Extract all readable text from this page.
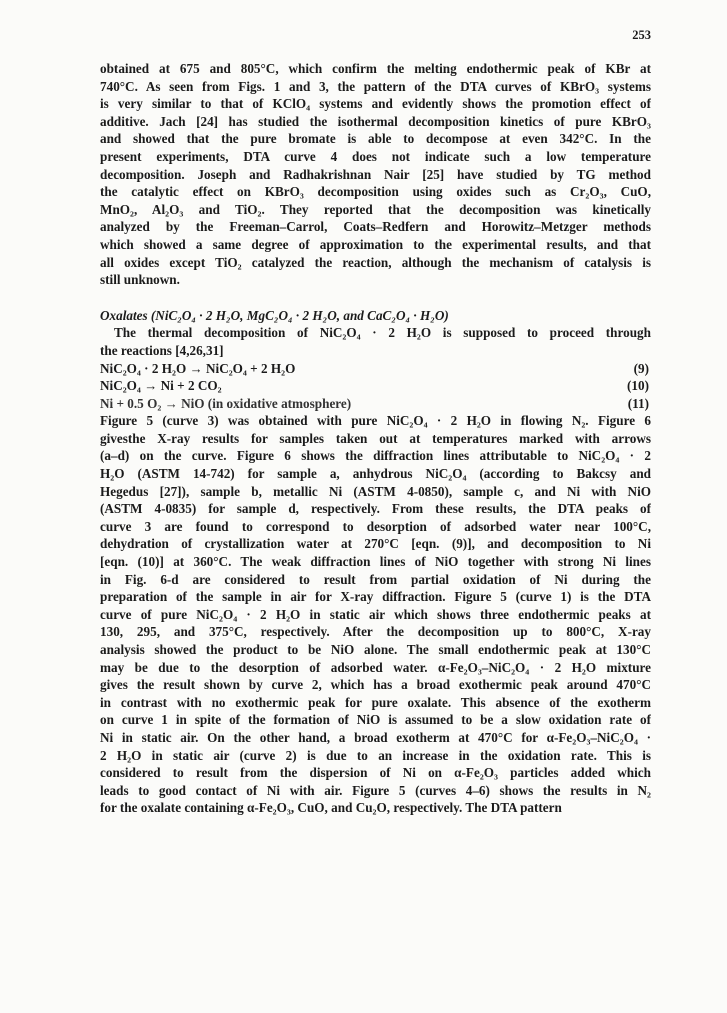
253
obtained at 675 and 805°C, which confirm the melting endothermic peak of KBr at
740°C. As seen from Figs. 1 and 3, the pattern of the DTA curves of KBrO₃ systems
is very similar to that of KClO₄ systems and evidently shows the promotion effect of
additive. Jach [24] has studied the isothermal decomposition kinetics of pure KBrO₃
and showed that the pure bromate is able to decompose at even 342°C. In the
present experiments, DTA curve 4 does not indicate such a low temperature
decomposition. Joseph and Radhakrishnan Nair [25] have studied by TG method
the catalytic effect on KBrO₃ decomposition using oxides such as Cr₂O₃, CuO,
MnO₂, Al₂O₃ and TiO₂. They reported that the decomposition was kinetically
analyzed by the Freeman–Carrol, Coats–Redfern and Horowitz–Metzger methods
which showed a same degree of approximation to the experimental results, and that
all oxides except TiO₂ catalyzed the reaction, although the mechanism of catalysis is
still unknown.
Oxalates (NiC₂O₄ · 2 H₂O, MgC₂O₄ · 2 H₂O, and CaC₂O₄ · H₂O)
The thermal decomposition of NiC₂O₄ · 2 H₂O is supposed to proceed through
the reactions [4,26,31]
NiC₂O₄ · 2 H₂O → NiC₂O₄ + 2 H₂O	(9)
NiC₂O₄ → Ni + 2 CO₂	(10)
Ni + 0.5 O₂ → NiO (in oxidative atmosphere)	(11)
Figure 5 (curve 3) was obtained with pure NiC₂O₄ · 2 H₂O in flowing N₂. Figure 6
givesthe X-ray results for samples taken out at temperatures marked with arrows
(a–d) on the curve. Figure 6 shows the diffraction lines attributable to NiC₂O₄ · 2
H₂O (ASTM 14-742) for sample a, anhydrous NiC₂O₄ (according to Bakcsy and
Hegedus [27]), sample b, metallic Ni (ASTM 4-0850), sample c, and Ni with NiO
(ASTM 4-0835) for sample d, respectively. From these results, the DTA peaks of
curve 3 are found to correspond to desorption of adsorbed water near 100°C,
dehydration of crystallization water at 270°C [eqn. (9)], and decomposition to Ni
[eqn. (10)] at 360°C. The weak diffraction lines of NiO together with strong Ni lines
in Fig. 6-d are considered to result from partial oxidation of Ni during the
preparation of the sample in air for X-ray diffraction. Figure 5 (curve 1) is the DTA
curve of pure NiC₂O₄ · 2 H₂O in static air which shows three endothermic peaks at
130, 295, and 375°C, respectively. After the decomposition up to 800°C, X-ray
analysis showed the product to be NiO alone. The small endothermic peak at 130°C
may be due to the desorption of adsorbed water. α-Fe₂O₃–NiC₂O₄ · 2 H₂O mixture
gives the result shown by curve 2, which has a broad exothermic peak around 470°C
in contrast with no exothermic peak for pure oxalate. This absence of the exotherm
on curve 1 in spite of the formation of NiO is assumed to be a slow oxidation rate of
Ni in static air. On the other hand, a broad exotherm at 470°C for α-Fe₂O₃–NiC₂O₄ ·
2 H₂O in static air (curve 2) is due to an increase in the oxidation rate. This is
considered to result from the dispersion of Ni on α-Fe₂O₃ particles added which
leads to good contact of Ni with air. Figure 5 (curves 4–6) shows the results in N₂
for the oxalate containing α-Fe₂O₃, CuO, and Cu₂O, respectively. The DTA pattern
